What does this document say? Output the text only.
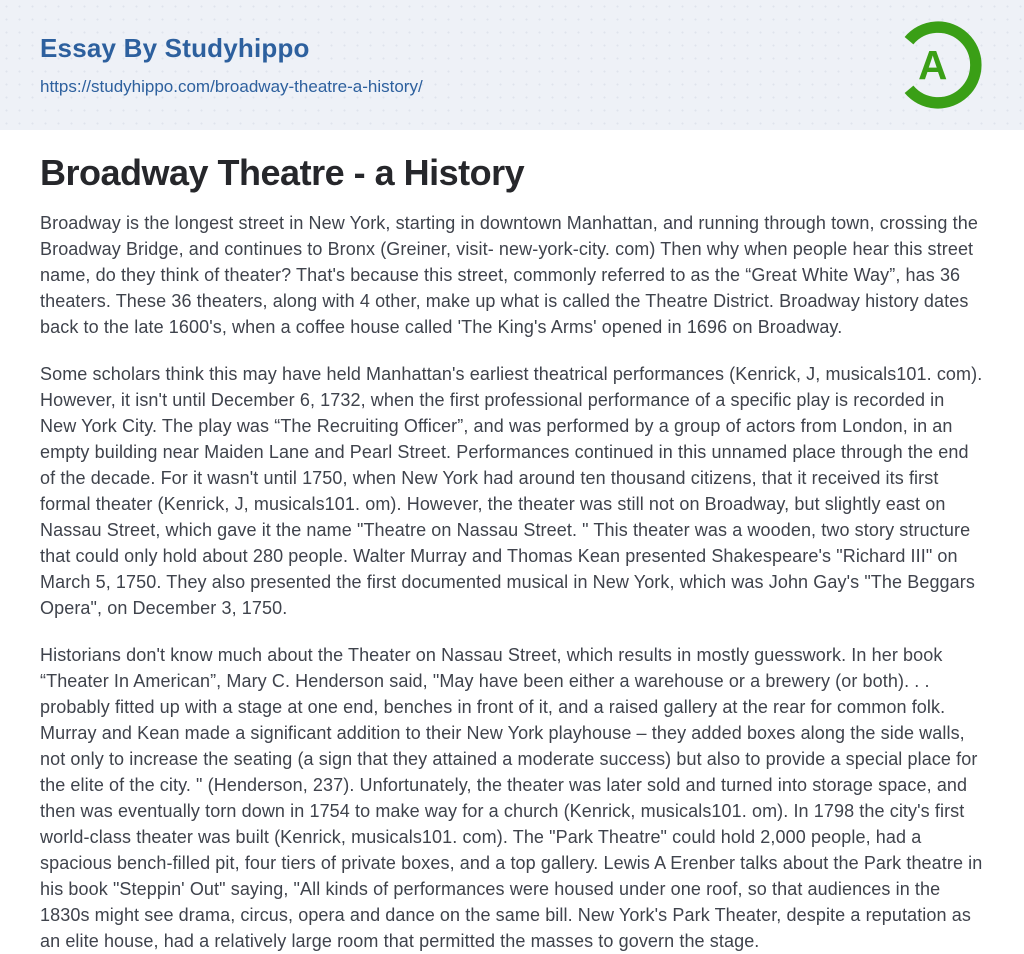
Essay By Studyhippo
https://studyhippo.com/broadway-theatre-a-history/	A
Broadway Theatre - a History

Broadway is the longest street in New York, starting in downtown Manhattan, and running through town, crossing the Broadway Bridge, and continues to Bronx (Greiner, visit- new-york-city. com) Then why when people hear this street name, do they think of theater? That's because this street, commonly referred to as the “Great White Way”, has 36 theaters. These 36 theaters, along with 4 other, make up what is called the Theatre District. Broadway history dates back to the late 1600's, when a coffee house called 'The King's Arms' opened in 1696 on Broadway.

Some scholars think this may have held Manhattan's earliest theatrical performances (Kenrick, J, musicals101. com). However, it isn't until December 6, 1732, when the first professional performance of a specific play is recorded in New York City. The play was “The Recruiting Officer”, and was performed by a group of actors from London, in an empty building near Maiden Lane and Pearl Street. Performances continued in this unnamed place through the end of the decade. For it wasn't until 1750, when New York had around ten thousand citizens, that it received its first formal theater (Kenrick, J, musicals101. om). However, the theater was still not on Broadway, but slightly east on Nassau Street, which gave it the name "Theatre on Nassau Street. " This theater was a wooden, two story structure that could only hold about 280 people. Walter Murray and Thomas Kean presented Shakespeare's "Richard III" on March 5, 1750. They also presented the first documented musical in New York, which was John Gay's "The Beggars Opera", on December 3, 1750.

Historians don't know much about the Theater on Nassau Street, which results in mostly guesswork. In her book “Theater In American”, Mary C. Henderson said, "May have been either a warehouse or a brewery (or both). . . probably fitted up with a stage at one end, benches in front of it, and a raised gallery at the rear for common folk. Murray and Kean made a significant addition to their New York playhouse – they added boxes along the side walls, not only to increase the seating (a sign that they attained a moderate success) but also to provide a special place for the elite of the city. " (Henderson, 237). Unfortunately, the theater was later sold and turned into storage space, and then was eventually torn down in 1754 to make way for a church (Kenrick, musicals101. om). In 1798 the city's first world-class theater was built (Kenrick, musicals101. com). The "Park Theatre" could hold 2,000 people, had a spacious bench-filled pit, four tiers of private boxes, and a top gallery. Lewis A Erenber talks about the Park theatre in his book "Steppin' Out" saying, "All kinds of performances were housed under one roof, so that audiences in the 1830s might see drama, circus, opera and dance on the same bill. New York's Park Theater, despite a reputation as an elite house, had a relatively large room that permitted the masses to govern the stage.
